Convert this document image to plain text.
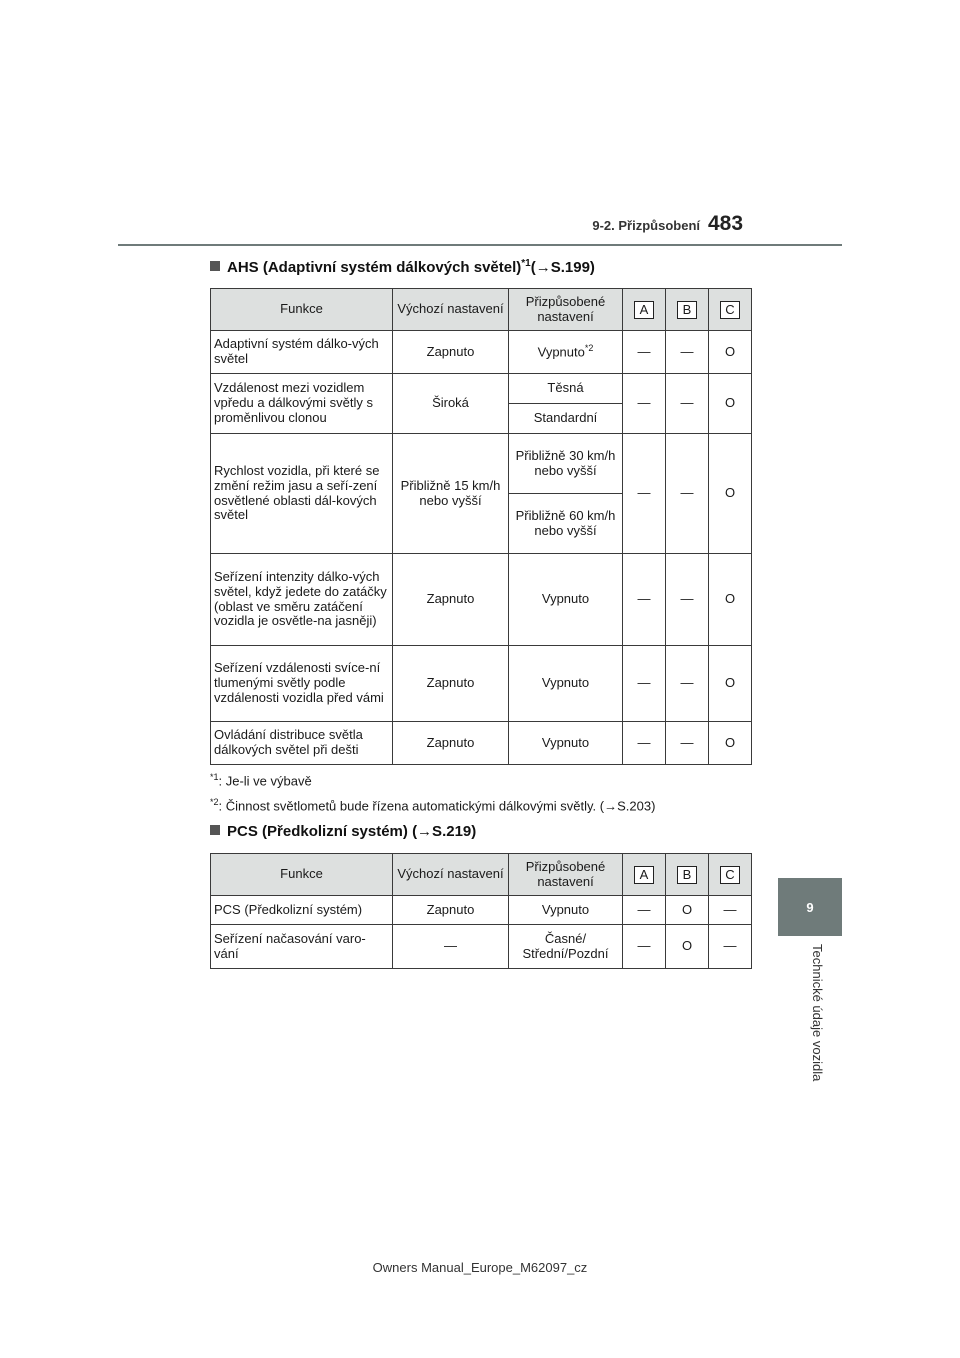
9-2. Přizpůsobení 483
9
Technické údaje vozidla
AHS (Adaptivní systém dálkových světel)$^{*1}$(→S.199)
Funkce	Výchozí nastavení	Přizpůsobené nastavení	A	B	C
Adaptivní systém dálko-vých světel	Zapnuto	Vypnuto$^{*2}$	—	—	O
Vzdálenost mezi vozidlem vpředu a dálkovými světly s proměnlivou clonou	Široká	Těsná	—	—	O
		Standardní			
Rychlost vozidla, při které se změní režim jasu a seří-zení osvětlené oblasti dál-kových světel	Přibližně 15 km/h nebo vyšší	Přibližně 30 km/h nebo vyšší	—	—	O
		Přibližně 60 km/h nebo vyšší			
Seřízení intenzity dálko-vých světel, když jedete do zatáčky (oblast ve směru zatáčení vozidla je osvětle-na jasněji)	Zapnuto	Vypnuto	—	—	O
Seřízení vzdálenosti svíce-ní tlumenými světly podle vzdálenosti vozidla před vámi	Zapnuto	Vypnuto	—	—	O
Ovládání distribuce světla dálkových světel při dešti	Zapnuto	Vypnuto	—	—	O
$^{*1}$: Je-li ve výbavě
$^{*2}$: Činnost světlometů bude řízena automatickými dálkovými světly. (→S.203)
PCS (Předkolizní systém) (→S.219)
Funkce	Výchozí nastavení	Přizpůsobené nastavení	A	B	C
PCS (Předkolizní systém)	Zapnuto	Vypnuto	—	O	—
Seřízení načasování varo-vání	—	Časné/ Střední/Pozdní	—	O	—
Owners Manual_Europe_M62097_cz
